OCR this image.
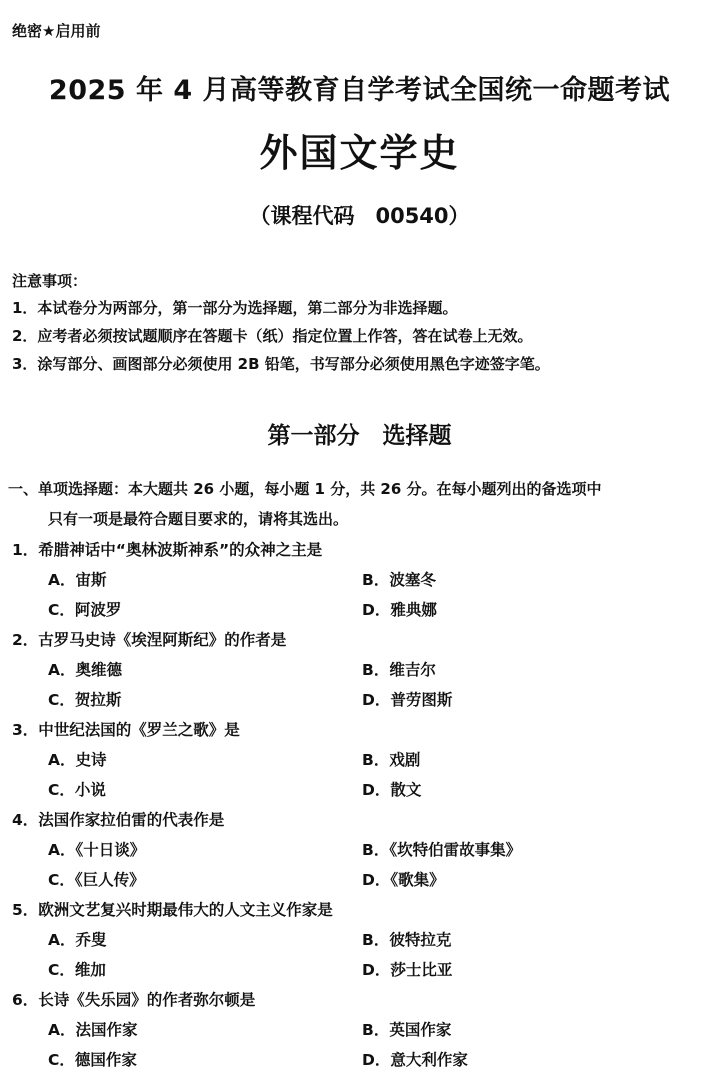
绝密★启用前
2025 年 4 月高等教育自学考试全国统一命题考试
外国文学史
（课程代码　00540）
注意事项：
1．本试卷分为两部分，第一部分为选择题，第二部分为非选择题。
2．应考者必须按试题顺序在答题卡（纸）指定位置上作答，答在试卷上无效。
3．涂写部分、画图部分必须使用 2B 铅笔，书写部分必须使用黑色字迹签字笔。
第一部分　选择题
一、单项选择题：本大题共 26 小题，每小题 1 分，共 26 分。在每小题列出的备选项中
只有一项是最符合题目要求的，请将其选出。
1．希腊神话中“奥林波斯神系”的众神之主是
A．宙斯	B．波塞冬
C．阿波罗	D．雅典娜
2．古罗马史诗《埃涅阿斯纪》的作者是
A．奥维德	B．维吉尔
C．贺拉斯	D．普劳图斯
3．中世纪法国的《罗兰之歌》是
A．史诗	B．戏剧
C．小说	D．散文
4．法国作家拉伯雷的代表作是
A．《十日谈》	B．《坎特伯雷故事集》
C．《巨人传》	D．《歌集》
5．欧洲文艺复兴时期最伟大的人文主义作家是
A．乔叟	B．彼特拉克
C．维加	D．莎士比亚
6．长诗《失乐园》的作者弥尔顿是
A．法国作家	B．英国作家
C．德国作家	D．意大利作家
